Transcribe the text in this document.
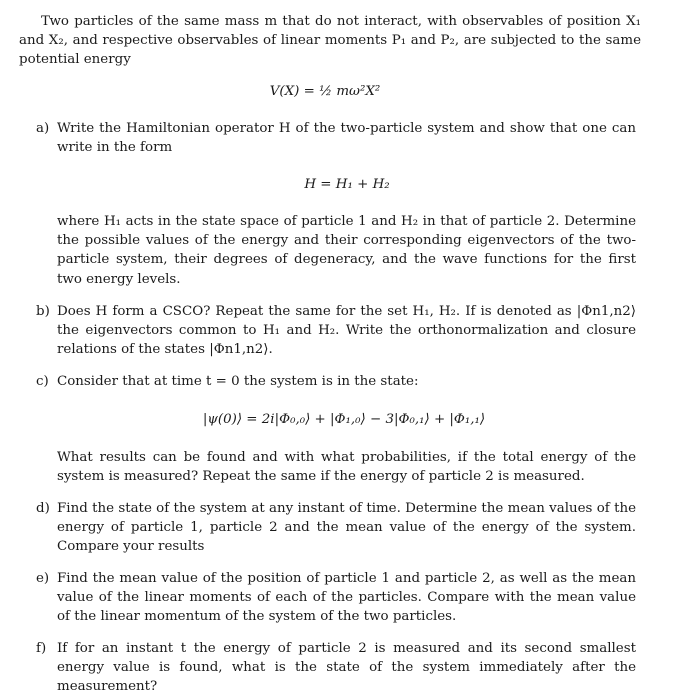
Two particles of the same mass m that do not interact, with observables of position X₁ and X₂, and respective observables of linear moments P₁ and P₂, are subjected to the same potential energy
V(X) = ½ mω²X²
a) Write the Hamiltonian operator H of the two-particle system and show that one can write in the form
H = H₁ + H₂
where H₁ acts in the state space of particle 1 and H₂ in that of particle 2. Determine the possible values of the energy and their corresponding eigenvectors of the two-particle system, their degrees of degeneracy, and the wave functions for the first two energy levels.
b) Does H form a CSCO? Repeat the same for the set H₁, H₂. If is denoted as |Φn1,n2⟩ the eigenvectors common to H₁ and H₂. Write the orthonormalization and closure relations of the states |Φn1,n2⟩.
c) Consider that at time t = 0 the system is in the state:
|ψ(0)⟩ = 2i|Φ₀,₀⟩ + |Φ₁,₀⟩ − 3|Φ₀,₁⟩ + |Φ₁,₁⟩
What results can be found and with what probabilities, if the total energy of the system is measured? Repeat the same if the energy of particle 2 is measured.
d) Find the state of the system at any instant of time. Determine the mean values of the energy of particle 1, particle 2 and the mean value of the energy of the system. Compare your results
e) Find the mean value of the position of particle 1 and particle 2, as well as the mean value of the linear moments of each of the particles. Compare with the mean value of the linear momentum of the system of the two particles.
f) If for an instant t the energy of particle 2 is measured and its second smallest energy value is found, what is the state of the system immediately after the measurement?
